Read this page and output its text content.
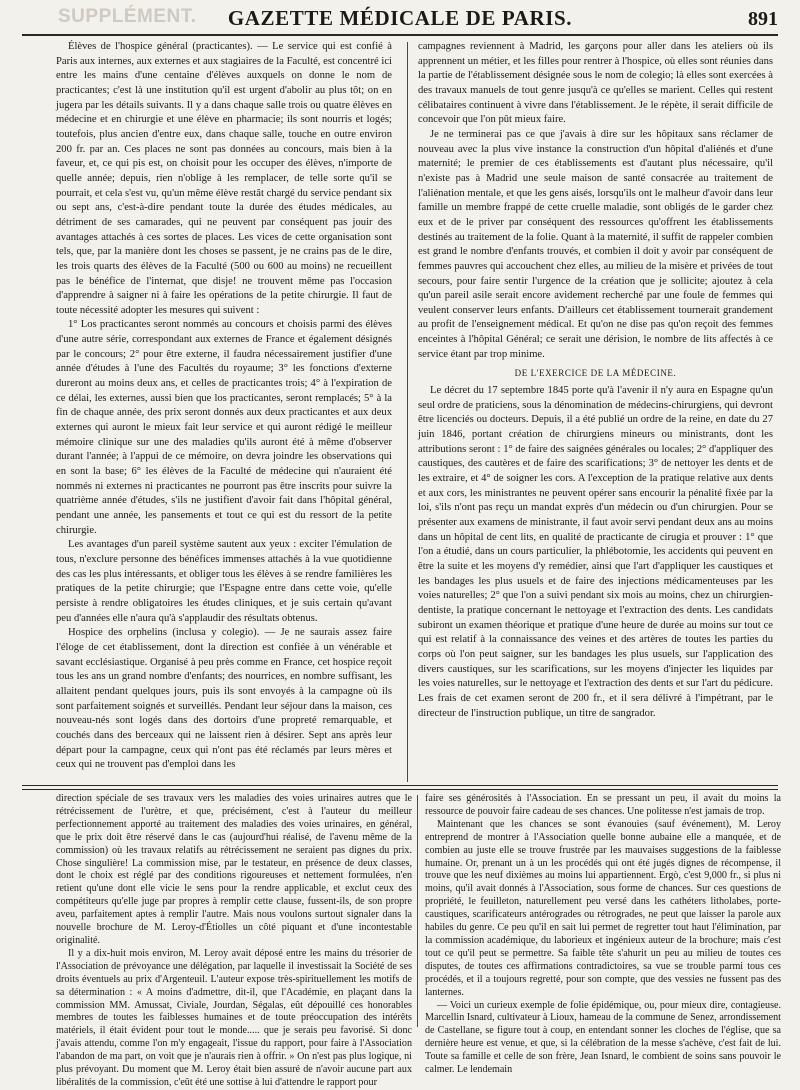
SUPPLÉMENT.	GAZETTE MÉDICALE DE PARIS.	891

Élèves de l'hospice général (practicantes). — Le service qui est confié à Paris aux internes, aux externes et aux stagiaires de la Faculté, est concentré ici entre les mains d'une centaine d'élèves auxquels on donne le nom de practicantes; c'est là une institution qu'il est urgent d'abolir au plus tôt; on en jugera par les détails suivants. Il y a dans chaque salle trois ou quatre élèves en médecine et en chirurgie et une élève en pharmacie; ils sont nourris et logés; toutefois, plus ancien d'entre eux, dans chaque salle, touche en outre environ 200 fr. par an. Ces places ne sont pas données au concours, mais bien à la faveur, et, ce qui pis est, on choisit pour les occuper des élèves, n'importe de quelle année; depuis, rien n'oblige à les remplacer, de telle sorte qu'il se pourrait, et cela s'est vu, qu'un même élève restât chargé du service pendant six ou sept ans, c'est-à-dire pendant toute la durée des études médicales, au détriment de ses camarades, qui ne peuvent par conséquent pas jouir des avantages attachés à ces sortes de places. Les vices de cette organisation sont tels, que, par la manière dont les choses se passent, je ne crains pas de le dire, les trois quarts des élèves de la Faculté (500 ou 600 au moins) ne recueillent pas le bénéfice de l'internat, que disje! ne trouvent même pas l'occasion d'apprendre à saigner ni à faire les opérations de la petite chirurgie. Il faut de toute nécessité adopter les mesures qui suivent :

1° Los practicantes seront nommés au concours et choisis parmi des élèves d'une autre série, correspondant aux externes de France et également désignés par le concours; 2° pour être externe, il faudra nécessairement justifier d'une année d'études à l'une des Facultés du royaume; 3° les fonctions d'externe dureront au moins deux ans, et celles de practicantes trois; 4° à l'expiration de ce délai, les externes, aussi bien que los practicantes, seront remplacés; 5° à la fin de chaque année, des prix seront donnés aux deux practicantes et aux deux externes qui auront le mieux fait leur service et qui auront rédigé le meilleur mémoire clinique sur une des maladies qu'ils auront été à même d'observer durant l'année; à l'appui de ce mémoire, on devra joindre les observations qui en sont la base; 6° les élèves de la Faculté de médecine qui n'auraient été nommés ni externes ni practicantes ne pourront pas être inscrits pour suivre la quatrième année d'études, s'ils ne justifient d'avoir fait dans l'hôpital général, pendant une année, les pansements et tout ce qui est du ressort de la petite chirurgie.

Les avantages d'un pareil système sautent aux yeux : exciter l'émulation de tous, n'exclure personne des bénéfices immenses attachés à la vue quotidienne des cas les plus intéressants, et obliger tous les élèves à se rendre familières les pratiques de la petite chirurgie; que l'Espagne entre dans cette voie, qu'elle persiste à rendre obligatoires les études cliniques, et je suis certain qu'avant peu d'années elle n'aura qu'à s'applaudir des résultats obtenus.

Hospice des orphelins (inclusa y colegio). — Je ne saurais assez faire l'éloge de cet établissement, dont la direction est confiée à un vénérable et savant ecclésiastique. Organisé à peu près comme en France, cet hospice reçoit tous les ans un grand nombre d'enfants; des nourrices, en nombre suffisant, les allaitent pendant quelques jours, puis ils sont envoyés à la campagne où ils sont parfaitement soignés et surveillés. Pendant leur séjour dans la maison, ces nouveau-nés sont logés dans des dortoirs d'une propreté remarquable, et couchés dans des berceaux qui ne laissent rien à désirer. Sept ans après leur départ pour la campagne, ceux qui n'ont pas été réclamés par leurs mères et ceux qui ne trouvent pas d'emploi dans les

campagnes reviennent à Madrid, les garçons pour aller dans les ateliers où ils apprennent un métier, et les filles pour rentrer à l'hospice, où elles sont réunies dans la partie de l'établissement désignée sous le nom de colegio; là elles sont exercées à des travaux manuels de tout genre jusqu'à ce qu'elles se marient. Celles qui restent célibataires continuent à vivre dans l'établissement. Je le répète, il serait difficile de concevoir que l'on pût mieux faire.

Je ne terminerai pas ce que j'avais à dire sur les hôpitaux sans réclamer de nouveau avec la plus vive instance la construction d'un hôpital d'aliénés et d'une maternité; le premier de ces établissements est d'autant plus nécessaire, qu'il n'existe pas à Madrid une seule maison de santé consacrée au traitement de l'aliénation mentale, et que les gens aisés, lorsqu'ils ont le malheur d'avoir dans leur famille un membre frappé de cette cruelle maladie, sont obligés de le garder chez eux et de le priver par conséquent des ressources qu'offrent les établissements destinés au traitement de la folie. Quant à la maternité, il suffit de rappeler combien est grand le nombre d'enfants trouvés, et combien il doit y avoir par conséquent de femmes pauvres qui accouchent chez elles, au milieu de la misère et privées de tout secours, pour faire sentir l'urgence de la création que je sollicite; ajoutez à cela qu'un pareil asile serait encore avidement recherché par une foule de femmes qui veulent conserver leurs enfants. D'ailleurs cet établissement tournerait grandement au profit de l'enseignement médical. Et qu'on ne dise pas qu'on reçoit des femmes enceintes à l'hôpital Général; ce serait une dérision, le nombre de lits affectés à ce service étant par trop minime.

DE L'EXERCICE DE LA MÉDECINE.

Le décret du 17 septembre 1845 porte qu'à l'avenir il n'y aura en Espagne qu'un seul ordre de praticiens, sous la dénomination de médecins-chirurgiens, qui devront être licenciés ou docteurs. Depuis, il a été publié un ordre de la reine, en date du 27 juin 1846, portant création de chirurgiens mineurs ou ministrants, dont les attributions seront : 1° de faire des saignées générales ou locales; 2° d'appliquer des caustiques, des cautères et de faire des scarifications; 3° de nettoyer les dents et de les extraire, et 4° de soigner les cors. A l'exception de la pratique relative aux dents et aux cors, les ministrantes ne peuvent opérer sans encourir la pénalité fixée par la loi, s'ils n'ont pas reçu un mandat exprès d'un médecin ou d'un chirurgien. Pour se présenter aux examens de ministrante, il faut avoir servi pendant deux ans au moins dans un hôpital de cent lits, en qualité de practicante de cirugia et prouver : 1° que l'on a étudié, dans un cours particulier, la phlébotomie, les accidents qui peuvent en être la suite et les moyens d'y remédier, ainsi que l'art d'appliquer les caustiques et les bandages les plus usuels et de faire des injections médicamenteuses par les voies naturelles; 2° que l'on a suivi pendant six mois au moins, chez un chirurgien-dentiste, la pratique concernant le nettoyage et l'extraction des dents. Les candidats subiront un examen théorique et pratique d'une heure de durée au moins sur tout ce qui est relatif à la connaissance des veines et des artères de toutes les parties du corps où l'on peut saigner, sur les bandages les plus usuels, sur l'application des divers caustiques, sur les scarifications, sur les moyens d'injecter les liquides par les voies naturelles, sur le nettoyage et l'extraction des dents et sur l'art du pédicure. Les frais de cet examen seront de 200 fr., et il sera délivré à l'impétrant, par le directeur de l'instruction publique, un titre de sangrador.

direction spéciale de ses travaux vers les maladies des voies urinaires autres que le rétrécissement de l'urètre, et que, précisément, c'est à l'auteur du meilleur perfectionnement apporté au traitement des maladies des voies urinaires, en général, que le prix doit être réservé dans le cas (aujourd'hui réalisé, de l'avenu même de la commission) où les travaux relatifs au rétrécissement ne seraient pas dignes du prix. Chose singulière! La commission mise, par le testateur, en présence de deux classes, dont le choix est réglé par des conditions rigoureuses et nettement formulées, n'en retient qu'une dont elle vicie le sens pour la rendre applicable, et exclut ceux des compétiteurs qu'elle juge par propres à remplir cette clause, fussent-ils, de son propre aveu, parfaitement aptes à remplir l'autre. Mais nous voulons surtout signaler dans la nouvelle brochure de M. Leroy-d'Étiolles un côté piquant et d'une incontestable originalité.

Il y a dix-huit mois environ, M. Leroy avait déposé entre les mains du trésorier de l'Association de prévoyance une délégation, par laquelle il investissait la Société de ses droits éventuels au prix d'Argenteuil. L'auteur expose très-spirituellement les motifs de sa détermination : « A moins d'admettre, dit-il, que l'Académie, en plaçant dans la commission MM. Amussat, Civiale, Jourdan, Ségalas, eût dépouillé ces honorables membres de toutes les faiblesses humaines et de toute préoccupation des intérêts matériels, il était évident pour tout le monde..... que je serais peu favorisé. Si donc j'avais attendu, comme l'on m'y engageait, l'issue du rapport, pour faire à l'Association l'abandon de ma part, on voit que je n'aurais rien à offrir. » On n'est pas plus logique, ni plus prévoyant. Du moment que M. Leroy était bien assuré de n'avoir aucune part aux libéralités de la commission, c'eût été une sottise à lui d'attendre le rapport pour

faire ses générosités à l'Association. En se pressant un peu, il avait du moins la ressource de pouvoir faire cadeau de ses chances. Une politesse n'est jamais de trop.

Maintenant que les chances se sont évanouies (sauf événement), M. Leroy entreprend de montrer à l'Association quelle bonne aubaine elle a manquée, et de combien au juste elle se trouve frustrée par les mauvaises suggestions de la faiblesse humaine. Or, prenant un à un les procédés qui ont été jugés dignes de récompense, il trouve que les neuf dixièmes au moins lui appartiennent. Ergò, c'est 9,000 fr., si plus ni moins, qu'il avait donnés à l'Association, sous forme de chances. Sur ces questions de propriété, le feuilleton, naturellement peu versé dans les cathéters litholabes, porte-caustiques, scarificateurs antérogrades ou rétrogrades, ne peut que laisser la parole aux habiles du genre. Ce peu qu'il en sait lui permet de regretter tout haut l'élimination, par la commission académique, du laborieux et ingénieux auteur de la brochure; mais c'est tout ce qu'il peut se permettre. Sa faible tête s'ahurit un peu au milieu de toutes ces disputes, de toutes ces affirmations contradictoires, sa vue se trouble parmi tous ces procédés, et il a toujours regretté, pour son compte, que des vessies ne fussent pas des lanternes.

— Voici un curieux exemple de folie épidémique, ou, pour mieux dire, contagieuse. Marcellin Isnard, cultivateur à Lioux, hameau de la commune de Senez, arrondissement de Castellane, se figure tout à coup, en entendant sonner les cloches de l'église, que sa dernière heure est venue, et que, si la célébration de la messe s'achève, c'est fait de lui. Toute sa famille et celle de son frère, Jean Isnard, le combient de soins sans pouvoir le calmer. Le lendemain
